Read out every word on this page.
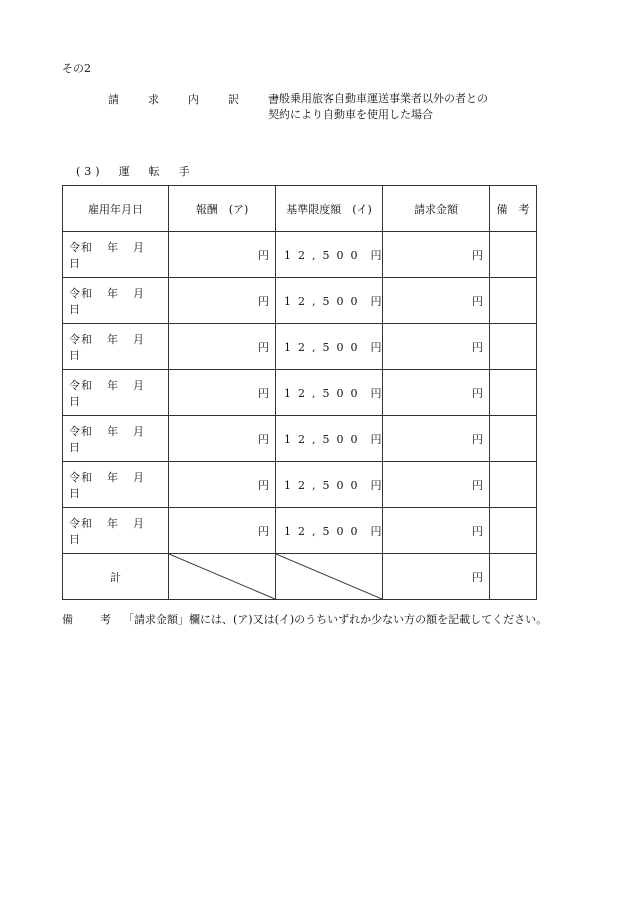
その2
請　求　内　訳　書
一般乗用旅客自動車運送事業者以外の者との
契約により自動車を使用した場合
(3)　運　転　手
雇用年月日	報酬　(ア)	基準限度額　(イ)	請求金額	備　考
令和 年 月日	円	12,500 円	円	
令和 年 月日	円	12,500 円	円	
令和 年 月日	円	12,500 円	円	
令和 年 月日	円	12,500 円	円	
令和 年 月日	円	12,500 円	円	
令和 年 月日	円	12,500 円	円	
令和 年 月日	円	12,500 円	円	
計			円	
備　考 「請求金額」欄には、(ア)又は(イ)のうちいずれか少ない方の額を記載してください。
